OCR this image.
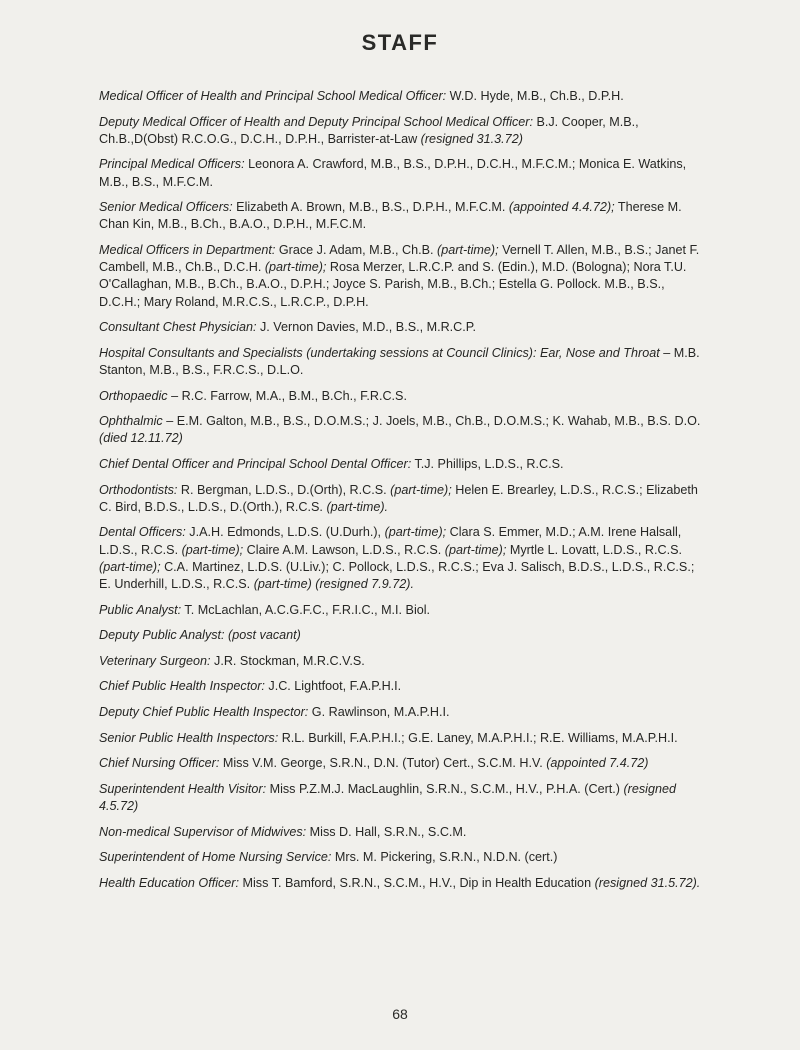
STAFF

Medical Officer of Health and Principal School Medical Officer: W.D. Hyde, M.B., Ch.B., D.P.H.

Deputy Medical Officer of Health and Deputy Principal School Medical Officer: B.J. Cooper, M.B., Ch.B.,D(Obst) R.C.O.G., D.C.H., D.P.H., Barrister-at-Law (resigned 31.3.72)

Principal Medical Officers: Leonora A. Crawford, M.B., B.S., D.P.H., D.C.H., M.F.C.M.; Monica E. Watkins, M.B., B.S., M.F.C.M.

Senior Medical Officers: Elizabeth A. Brown, M.B., B.S., D.P.H., M.F.C.M. (appointed 4.4.72); Therese M. Chan Kin, M.B., B.Ch., B.A.O., D.P.H., M.F.C.M.

Medical Officers in Department: Grace J. Adam, M.B., Ch.B. (part-time); Vernell T. Allen, M.B., B.S.; Janet F. Cambell, M.B., Ch.B., D.C.H. (part-time); Rosa Merzer, L.R.C.P. and S. (Edin.), M.D. (Bologna); Nora T.U. O'Callaghan, M.B., B.Ch., B.A.O., D.P.H.; Joyce S. Parish, M.B., B.Ch.; Estella G. Pollock. M.B., B.S., D.C.H.; Mary Roland, M.R.C.S., L.R.C.P., D.P.H.

Consultant Chest Physician: J. Vernon Davies, M.D., B.S., M.R.C.P.

Hospital Consultants and Specialists (undertaking sessions at Council Clinics): Ear, Nose and Throat – M.B. Stanton, M.B., B.S., F.R.C.S., D.L.O.

Orthopaedic – R.C. Farrow, M.A., B.M., B.Ch., F.R.C.S.

Ophthalmic – E.M. Galton, M.B., B.S., D.O.M.S.; J. Joels, M.B., Ch.B., D.O.M.S.; K. Wahab, M.B., B.S. D.O. (died 12.11.72)

Chief Dental Officer and Principal School Dental Officer: T.J. Phillips, L.D.S., R.C.S.

Orthodontists: R. Bergman, L.D.S., D.(Orth), R.C.S. (part-time); Helen E. Brearley, L.D.S., R.C.S.; Elizabeth C. Bird, B.D.S., L.D.S., D.(Orth.), R.C.S. (part-time).

Dental Officers: J.A.H. Edmonds, L.D.S. (U.Durh.), (part-time); Clara S. Emmer, M.D.; A.M. Irene Halsall, L.D.S., R.C.S. (part-time); Claire A.M. Lawson, L.D.S., R.C.S. (part-time); Myrtle L. Lovatt, L.D.S., R.C.S. (part-time); C.A. Martinez, L.D.S. (U.Liv.); C. Pollock, L.D.S., R.C.S.; Eva J. Salisch, B.D.S., L.D.S., R.C.S.; E. Underhill, L.D.S., R.C.S. (part-time) (resigned 7.9.72).

Public Analyst: T. McLachlan, A.C.G.F.C., F.R.I.C., M.I. Biol.

Deputy Public Analyst: (post vacant)

Veterinary Surgeon: J.R. Stockman, M.R.C.V.S.

Chief Public Health Inspector: J.C. Lightfoot, F.A.P.H.I.

Deputy Chief Public Health Inspector: G. Rawlinson, M.A.P.H.I.

Senior Public Health Inspectors: R.L. Burkill, F.A.P.H.I.; G.E. Laney, M.A.P.H.I.; R.E. Williams, M.A.P.H.I.

Chief Nursing Officer: Miss V.M. George, S.R.N., D.N. (Tutor) Cert., S.C.M. H.V. (appointed 7.4.72)

Superintendent Health Visitor: Miss P.Z.M.J. MacLaughlin, S.R.N., S.C.M., H.V., P.H.A. (Cert.) (resigned 4.5.72)

Non-medical Supervisor of Midwives: Miss D. Hall, S.R.N., S.C.M.

Superintendent of Home Nursing Service: Mrs. M. Pickering, S.R.N., N.D.N. (cert.)

Health Education Officer: Miss T. Bamford, S.R.N., S.C.M., H.V., Dip in Health Education (resigned 31.5.72).

68
